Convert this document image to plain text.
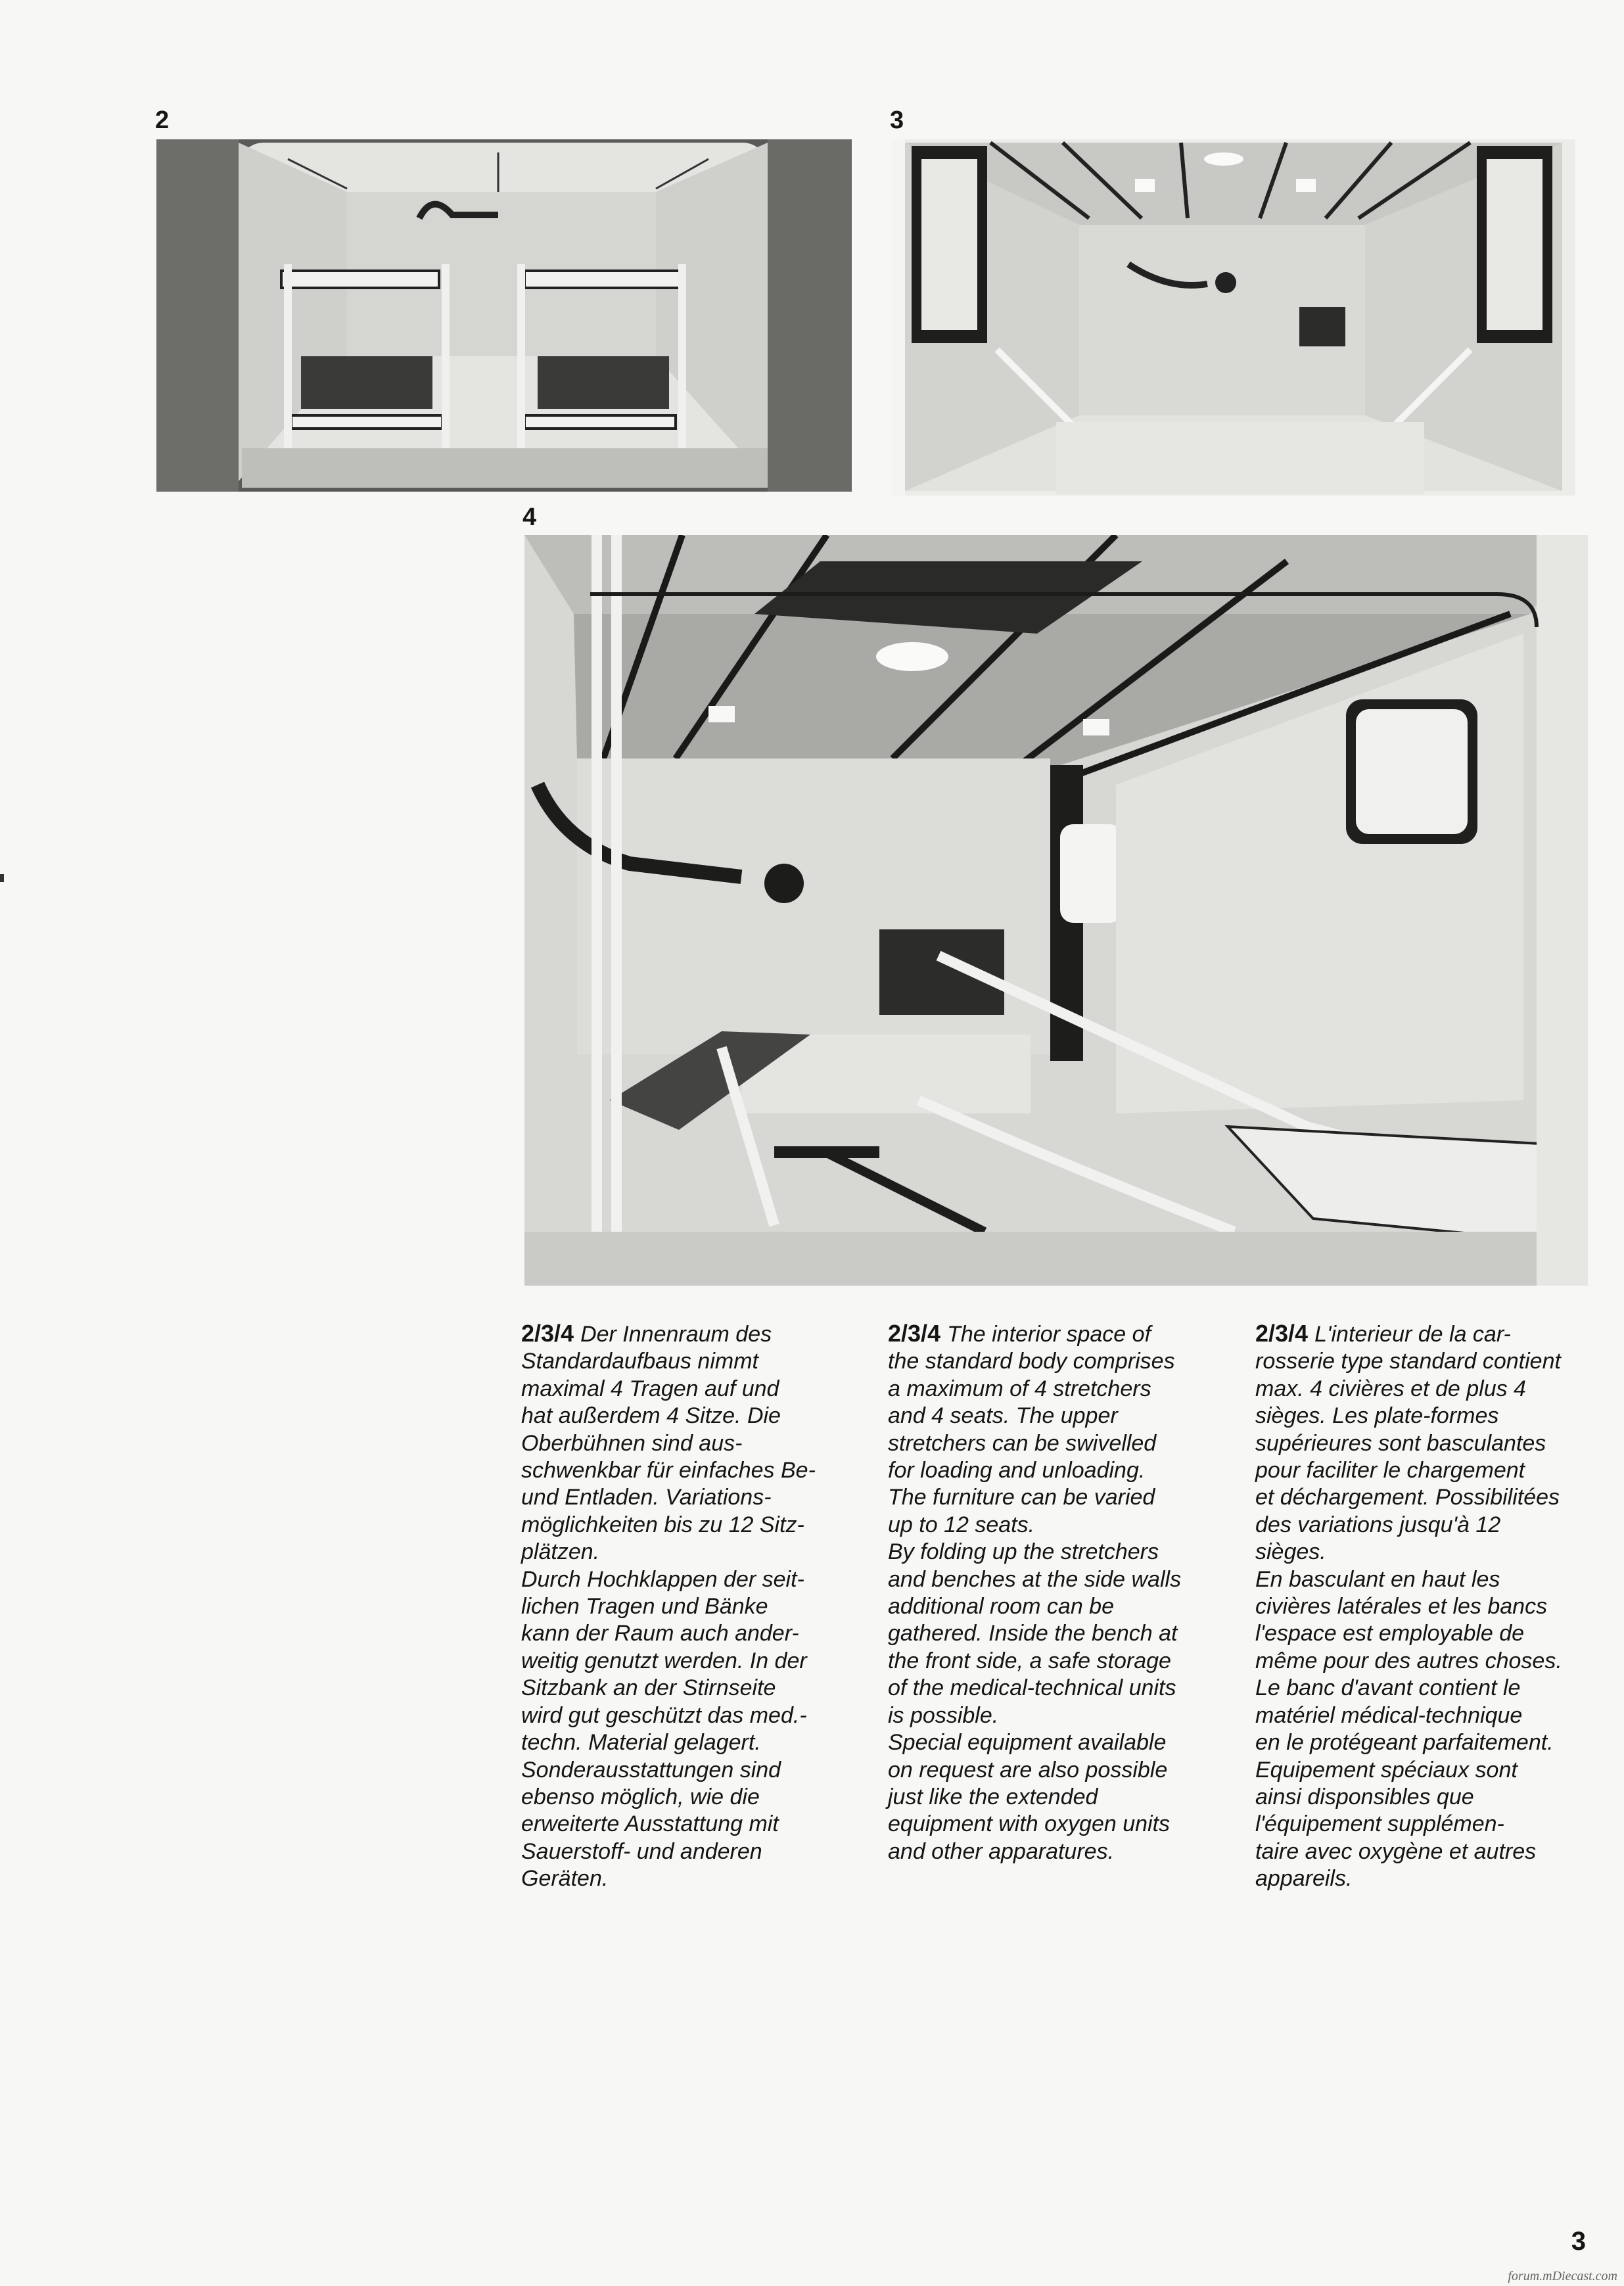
2	3
4
2/3/4 Der Innenraum des
Standardaufbaus nimmt
maximal 4 Tragen auf und
hat außerdem 4 Sitze. Die
Oberbühnen sind aus-
schwenkbar für einfaches Be-
und Entladen. Variations-
möglichkeiten bis zu 12 Sitz-
plätzen.
Durch Hochklappen der seit-
lichen Tragen und Bänke
kann der Raum auch ander-
weitig genutzt werden. In der
Sitzbank an der Stirnseite
wird gut geschützt das med.-
techn. Material gelagert.
Sonderausstattungen sind
ebenso möglich, wie die
erweiterte Ausstattung mit
Sauerstoff- und anderen
Geräten.
2/3/4 The interior space of
the standard body comprises
a maximum of 4 stretchers
and 4 seats. The upper
stretchers can be swivelled
for loading and unloading.
The furniture can be varied
up to 12 seats.
By folding up the stretchers
and benches at the side walls
additional room can be
gathered. Inside the bench at
the front side, a safe storage
of the medical-technical units
is possible.
Special equipment available
on request are also possible
just like the extended
equipment with oxygen units
and other apparatures.
2/3/4 L'interieur de la car-
rosserie type standard contient
max. 4 civières et de plus 4
sièges. Les plate-formes
supérieures sont basculantes
pour faciliter le chargement
et déchargement. Possibilitées
des variations jusqu'à 12
sièges.
En basculant en haut les
civières latérales et les bancs
l'espace est employable de
même pour des autres choses.
Le banc d'avant contient le
matériel médical-technique
en le protégeant parfaitement.
Equipement spéciaux sont
ainsi disponsibles que
l'équipement supplémen-
taire avec oxygène et autres
appareils.
3
forum.mDiecast.com
